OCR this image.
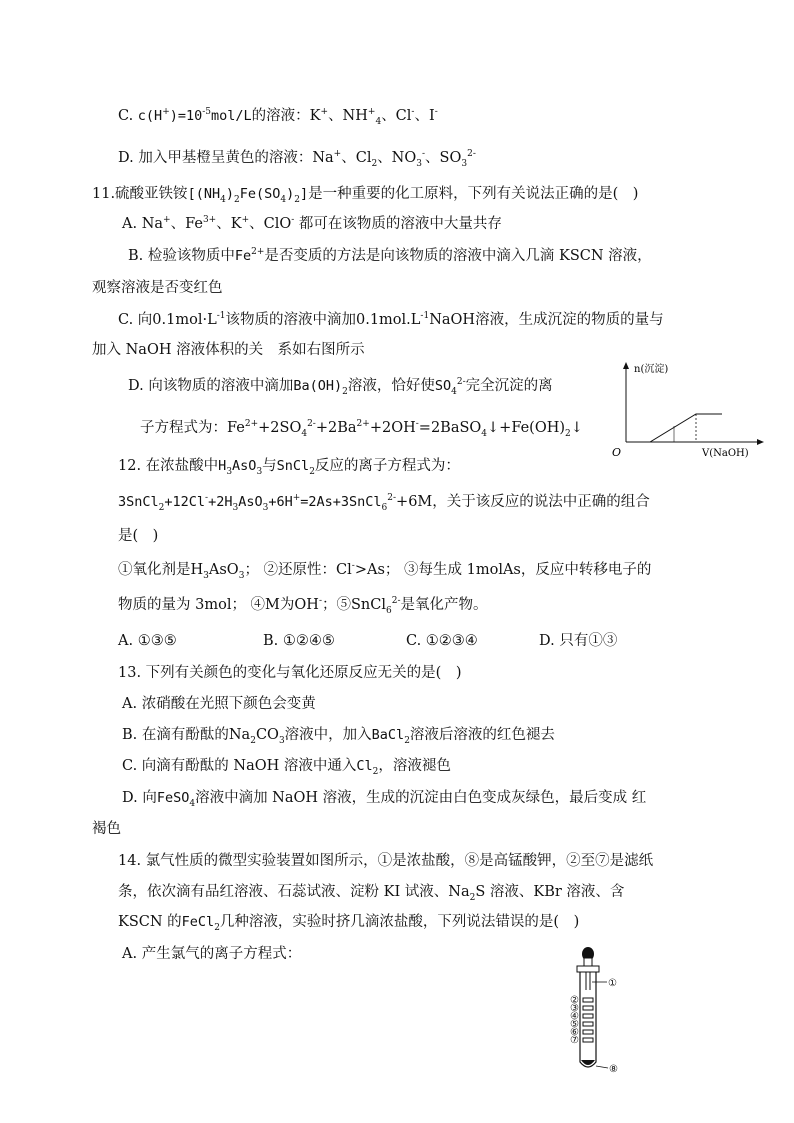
C. $c(H^+)=10^{-5}mol/L$的溶液：K+、$NH^+_4$、Cl-、I-
D. 加入甲基橙呈黄色的溶液：Na+、$Cl_2$、$NO_3^-$、$SO_3^{2-}$
11.硫酸亚铁铵$[(NH_4)_2Fe(SO_4)_2]$是一种重要的化工原料，下列有关说法正确的是(　)
A. Na+、$Fe^{3+}$、K+、ClO- 都可在该物质的溶液中大量共存
B. 检验该物质中$Fe^{2+}$是否变质的方法是向该物质的溶液中滴入几滴 KSCN 溶液，
观察溶液是否变红色
C. 向$0.1mol\cdot L^{-1}$该物质的溶液中滴加$0.1mol.L^{-1}NaOH$溶液，生成沉淀的物质的量与
加入 NaOH 溶液体积的关　系如右图所示
D. 向该物质的溶液中滴加$Ba(OH)_2$溶液，恰好使$SO_4^{2-}$完全沉淀的离
子方程式为：$Fe^{2+}+2SO_4^{2-}+2Ba^{2+}+2OH^-=2BaSO_4↓+Fe(OH)_2↓$
n(沉淀)
V(NaOH)
O
12. 在浓盐酸中$H_3AsO_3$与SnCl$_2$反应的离子方程式为：
$3SnCl_2+12Cl^-+2H_3AsO_3+6H^+=2As+3SnCl_6^{2-}+6M$，关于该反应的说法中正确的组合
是(　)
①氧化剂是$H_3AsO_3$； ②还原性：Cl->As； ③每生成 1molAs，反应中转移电子的
物质的量为 3mol； ④M为OH-；⑤SnCl$_6^{2-}$是氧化产物。
A. ①③⑤	B. ①②④⑤	C. ①②③④	D. 只有①③
13. 下列有关颜色的变化与氧化还原反应无关的是(　)
A. 浓硝酸在光照下颜色会变黄
B. 在滴有酚酞的$Na_2CO_3$溶液中，加入BaCl$_2$溶液后溶液的红色褪去
C. 向滴有酚酞的 NaOH 溶液中通入$Cl_2$，溶液褪色
D. 向FeSO$_4$溶液中滴加 NaOH 溶液，生成的沉淀由白色变成灰绿色，最后变成 红
褐色
14. 氯气性质的微型实验装置如图所示，①是浓盐酸，⑧是高锰酸钾，②至⑦是滤纸
条，依次滴有品红溶液、石蕊试液、淀粉 KI 试液、$Na_2S$ 溶液、KBr 溶液、含
KSCN 的FeCl$_2$几种溶液，实验时挤几滴浓盐酸，下列说法错误的是(　)
A. 产生氯气的离子方程式：
①
②
③
④
⑤
⑥
⑦
⑧
